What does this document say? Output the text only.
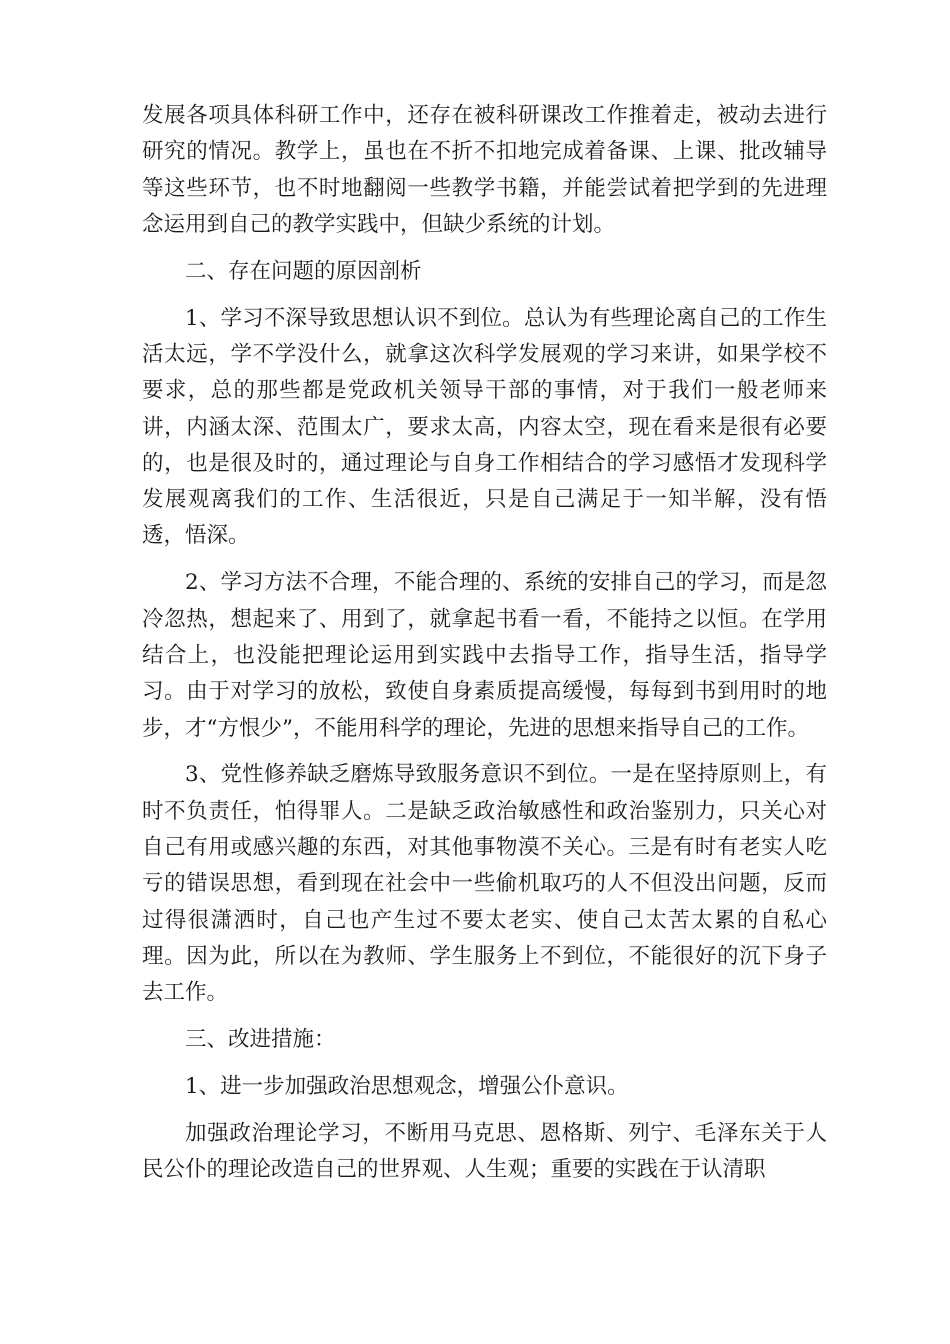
发展各项具体科研工作中，还存在被科研课改工作推着走，被动去进行研究的情况。教学上，虽也在不折不扣地完成着备课、上课、批改辅导等这些环节，也不时地翻阅一些教学书籍，并能尝试着把学到的先进理念运用到自己的教学实践中，但缺少系统的计划。

二、存在问题的原因剖析

1、学习不深导致思想认识不到位。总认为有些理论离自己的工作生活太远，学不学没什么，就拿这次科学发展观的学习来讲，如果学校不要求，总的那些都是党政机关领导干部的事情，对于我们一般老师来讲，内涵太深、范围太广，要求太高，内容太空，现在看来是很有必要的，也是很及时的，通过理论与自身工作相结合的学习感悟才发现科学发展观离我们的工作、生活很近，只是自己满足于一知半解，没有悟透，悟深。

2、学习方法不合理，不能合理的、系统的安排自己的学习，而是忽冷忽热，想起来了、用到了，就拿起书看一看，不能持之以恒。在学用结合上，也没能把理论运用到实践中去指导工作，指导生活，指导学习。由于对学习的放松，致使自身素质提高缓慢，每每到书到用时的地步，才“方恨少”，不能用科学的理论，先进的思想来指导自己的工作。

3、党性修养缺乏磨炼导致服务意识不到位。一是在坚持原则上，有时不负责任，怕得罪人。二是缺乏政治敏感性和政治鉴别力，只关心对自己有用或感兴趣的东西，对其他事物漠不关心。三是有时有老实人吃亏的错误思想，看到现在社会中一些偷机取巧的人不但没出问题，反而过得很潇洒时，自己也产生过不要太老实、使自己太苦太累的自私心理。因为此，所以在为教师、学生服务上不到位，不能很好的沉下身子去工作。

三、改进措施：

1、进一步加强政治思想观念，增强公仆意识。

加强政治理论学习，不断用马克思、恩格斯、列宁、毛泽东关于人民公仆的理论改造自己的世界观、人生观；重要的实践在于认清职
